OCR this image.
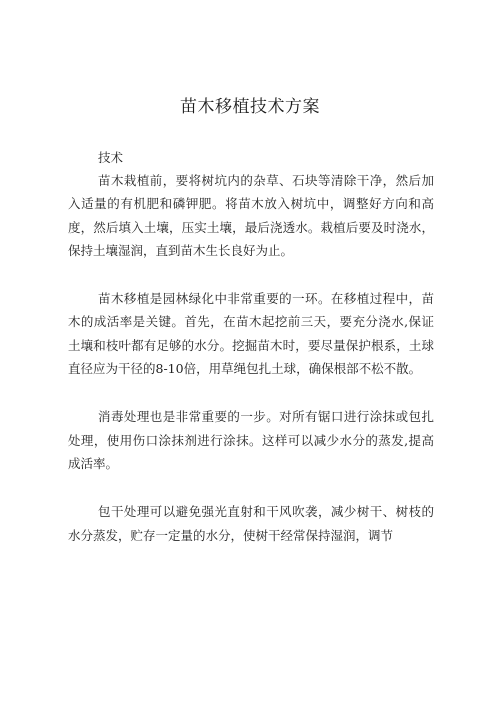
苗木移植技术方案

技术

苗木栽植前，要将树坑内的杂草、石块等清除干净，然后加入适量的有机肥和磷钾肥。将苗木放入树坑中，调整好方向和高度，然后填入土壤，压实土壤，最后浇透水。栽植后要及时浇水，保持土壤湿润，直到苗木生长良好为止。

苗木移植是园林绿化中非常重要的一环。在移植过程中，苗木的成活率是关键。首先，在苗木起挖前三天，要充分浇水,保证土壤和枝叶都有足够的水分。挖掘苗木时，要尽量保护根系，土球直径应为干径的8-10倍，用草绳包扎土球，确保根部不松不散。

消毒处理也是非常重要的一步。对所有锯口进行涂抹或包扎处理，使用伤口涂抹剂进行涂抹。这样可以减少水分的蒸发,提高成活率。

包干处理可以避免强光直射和干风吹袭，减少树干、树枝的水分蒸发，贮存一定量的水分，使树干经常保持湿润，调节
